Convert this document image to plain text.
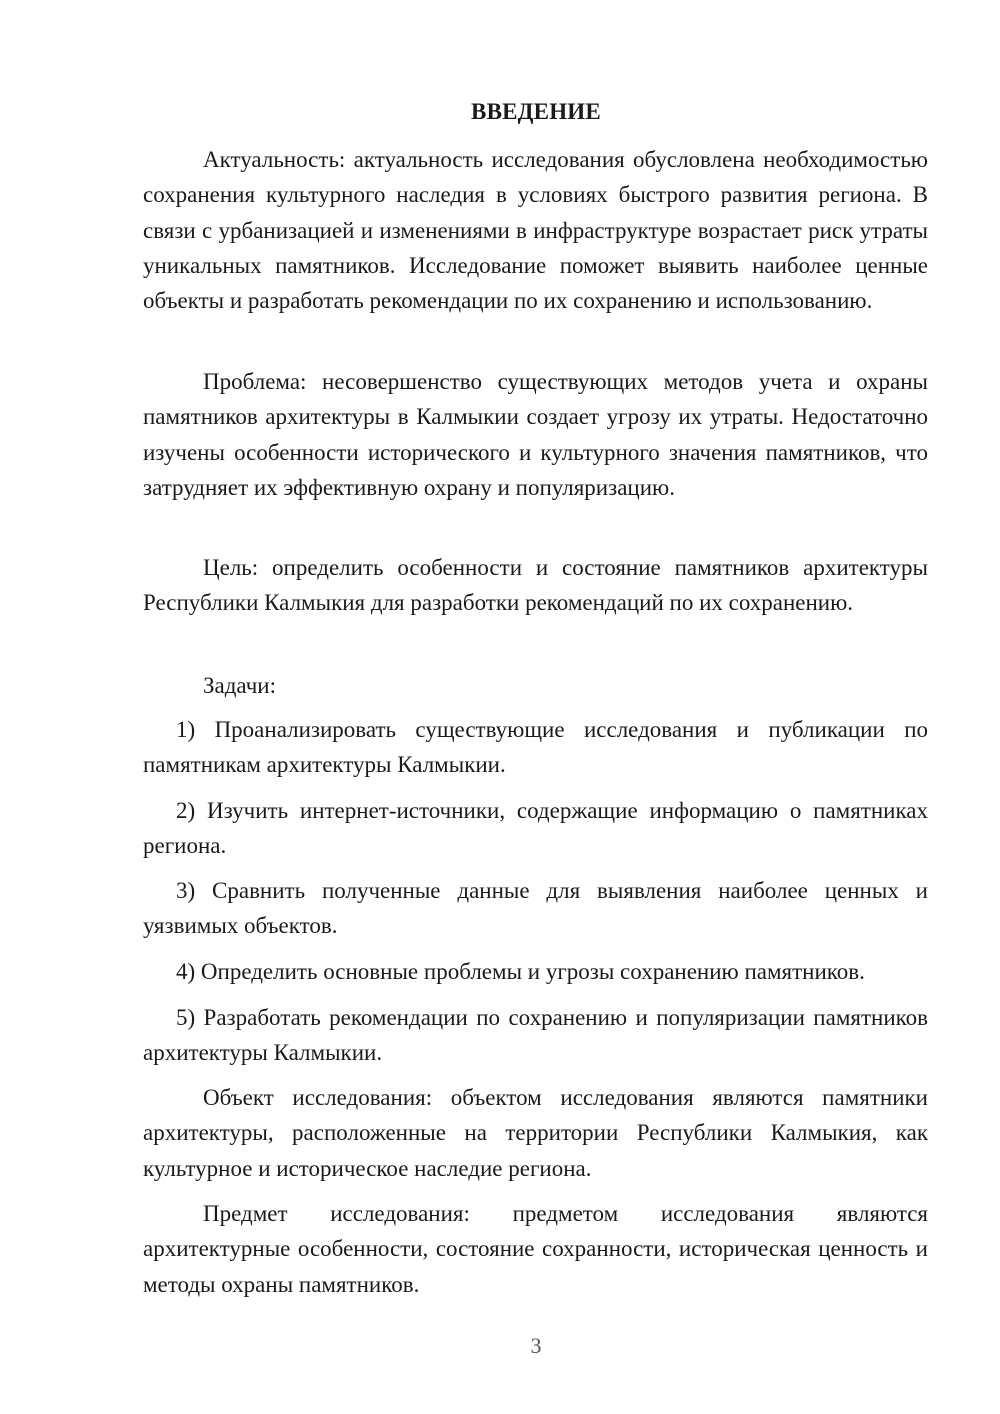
ВВЕДЕНИЕ

Актуальность: актуальность исследования обусловлена необходимостью сохранения культурного наследия в условиях быстрого развития региона. В связи с урбанизацией и изменениями в инфраструктуре возрастает риск утраты уникальных памятников. Исследование поможет выявить наиболее ценные объекты и разработать рекомендации по их сохранению и использованию.

Проблема: несовершенство существующих методов учета и охраны памятников архитектуры в Калмыкии создает угрозу их утраты. Недостаточно изучены особенности исторического и культурного значения памятников, что затрудняет их эффективную охрану и популяризацию.

Цель: определить особенности и состояние памятников архитектуры Республики Калмыкия для разработки рекомендаций по их сохранению.

Задачи:

1) Проанализировать существующие исследования и публикации по памятникам архитектуры Калмыкии.

2) Изучить интернет-источники, содержащие информацию о памятниках региона.

3) Сравнить полученные данные для выявления наиболее ценных и уязвимых объектов.

4) Определить основные проблемы и угрозы сохранению памятников.

5) Разработать рекомендации по сохранению и популяризации памятников архитектуры Калмыкии.

Объект исследования: объектом исследования являются памятники архитектуры, расположенные на территории Республики Калмыкия, как культурное и историческое наследие региона.

Предмет исследования: предметом исследования являются архитектурные особенности, состояние сохранности, историческая ценность и методы охраны памятников.

3
